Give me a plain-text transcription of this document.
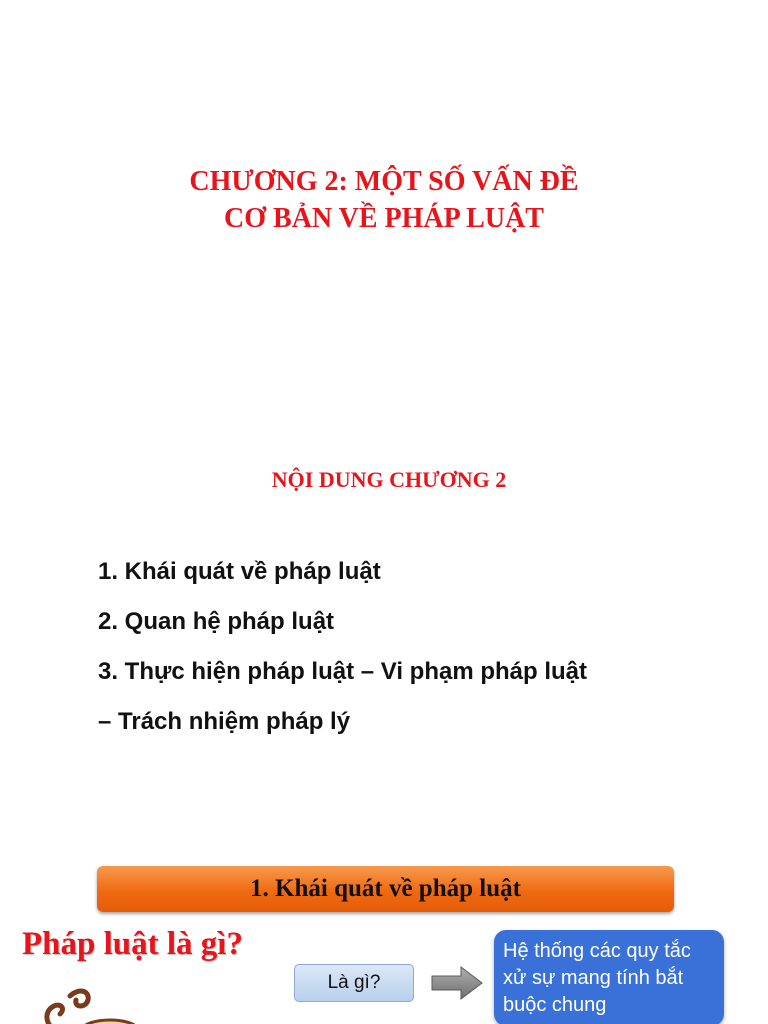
CHƯƠNG 2: MỘT SỐ VẤN ĐỀ
CƠ BẢN VỀ PHÁP LUẬT
NỘI DUNG CHƯƠNG 2
1. Khái quát về pháp luật
2. Quan hệ pháp luật
3. Thực hiện pháp luật – Vi phạm pháp luật
– Trách nhiệm pháp lý
1. Khái quát về pháp luật
Pháp luật là gì?
Là gì?
Hệ thống các quy tắc xử sự mang tính bắt buộc chung
